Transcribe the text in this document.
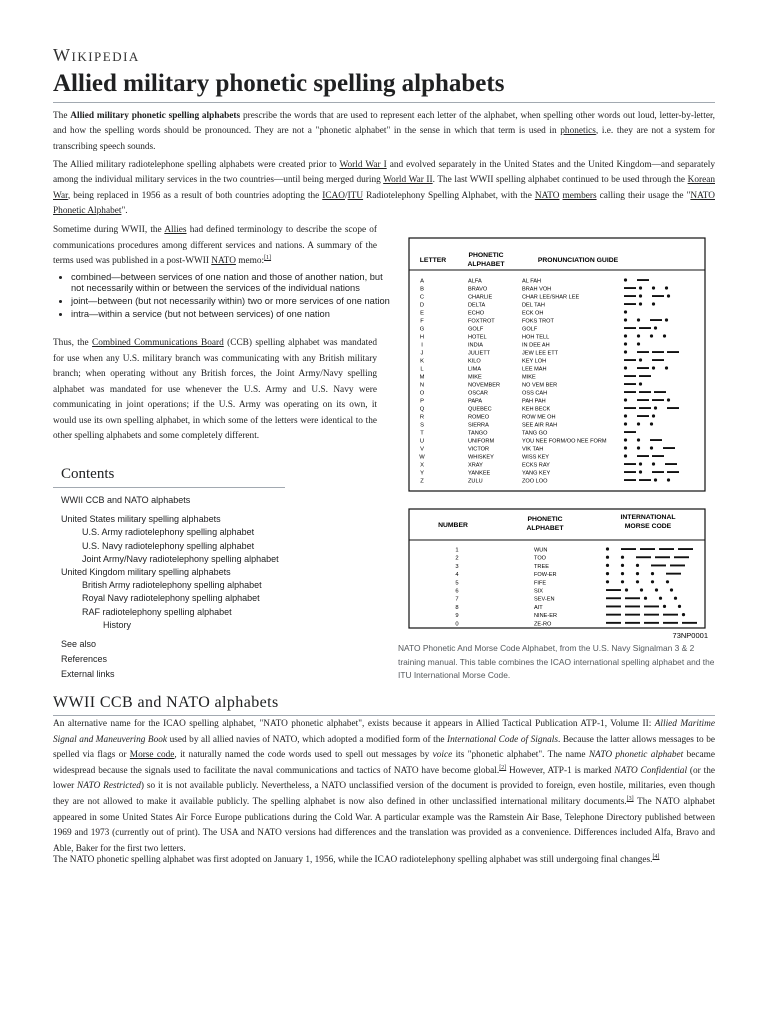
Wikipedia
Allied military phonetic spelling alphabets

The Allied military phonetic spelling alphabets prescribe the words that are used to represent each letter of the alphabet, when spelling other words out loud, letter-by-letter, and how the spelling words should be pronounced. They are not a "phonetic alphabet" in the sense in which that term is used in phonetics, i.e. they are not a system for transcribing speech sounds.

The Allied military radiotelephone spelling alphabets were created prior to World War I and evolved separately in the United States and the United Kingdom—and separately among the individual military services in the two countries—until being merged during World War II. The last WWII spelling alphabet continued to be used through the Korean War, being replaced in 1956 as a result of both countries adopting the ICAO/ITU Radiotelephony Spelling Alphabet, with the NATO members calling their usage the "NATO Phonetic Alphabet".

Sometime during WWII, the Allies had defined terminology to describe the scope of communications procedures among different services and nations. A summary of the terms used was published in a post-WWII NATO memo:[1]

• combined—between services of one nation and those of another nation, but not necessarily within or between the services of the individual nations
• joint—between (but not necessarily within) two or more services of one nation
• intra—within a service (but not between services) of one nation

Thus, the Combined Communications Board (CCB) spelling alphabet was mandated for use when any U.S. military branch was communicating with any British military branch; when operating without any British forces, the Joint Army/Navy spelling alphabet was mandated for use whenever the U.S. Army and U.S. Navy were communicating in joint operations; if the U.S. Army was operating on its own, it would use its own spelling alphabet, in which some of the letters were identical to the other spelling alphabets and some completely different.

Contents
WWII CCB and NATO alphabets
United States military spelling alphabets
U.S. Army radiotelephony spelling alphabet
U.S. Navy radiotelephony spelling alphabet
Joint Army/Navy radiotelephony spelling alphabet
United Kingdom military spelling alphabets
British Army radiotelephony spelling alphabet
Royal Navy radiotelephony spelling alphabet
RAF radiotelephony spelling alphabet
History
See also
References
External links
LETTER
PHONETIC
ALPHABET
PRONUNCIATION GUIDE
A	ALFA	AL FAH
B	BRAVO	BRAH VOH
C	CHARLIE	CHAR LEE/SHAR LEE
D	DELTA	DEL TAH
E	ECHO	ECK OH
F	FOXTROT	FOKS TROT
G	GOLF	GOLF
H	HOTEL	HOH TELL
I	INDIA	IN DEE AH
J	JULIETT	JEW LEE ETT
K	KILO	KEY LOH
L	LIMA	LEE MAH
M	MIKE	MIKE
N	NOVEMBER	NO VEM BER
O	OSCAR	OSS CAH
P	PAPA	PAH PAH
Q	QUEBEC	KEH BECK
R	ROMEO	ROW ME OH
S	SIERRA	SEE AIR RAH
T	TANGO	TANG GO
U	UNIFORM	YOU NEE FORM/OO NEE FORM
V	VICTOR	VIK TAH
W	WHISKEY	WISS KEY
X	XRAY	ECKS RAY
Y	YANKEE	YANG KEY
Z	ZULU	ZOO LOO
NUMBER
PHONETIC
ALPHABET
INTERNATIONAL
MORSE CODE
1	WUN
2	TOO
3	TREE
4	FOW-ER
5	FIFE
6	SIX
7	SEV-EN
8	AIT
9	NINE-ER
0	ZE-RO
73NP0001
NATO Phonetic And Morse Code Alphabet, from the U.S. Navy Signalman 3 & 2 training manual. This table combines the ICAO international spelling alphabet and the ITU International Morse Code.
WWII CCB and NATO alphabets

An alternative name for the ICAO spelling alphabet, "NATO phonetic alphabet", exists because it appears in Allied Tactical Publication ATP-1, Volume II: Allied Maritime Signal and Maneuvering Book used by all allied navies of NATO, which adopted a modified form of the International Code of Signals. Because the latter allows messages to be spelled via flags or Morse code, it naturally named the code words used to spell out messages by voice its "phonetic alphabet". The name NATO phonetic alphabet became widespread because the signals used to facilitate the naval communications and tactics of NATO have become global.[2] However, ATP-1 is marked NATO Confidential (or the lower NATO Restricted) so it is not available publicly. Nevertheless, a NATO unclassified version of the document is provided to foreign, even hostile, militaries, even though they are not allowed to make it available publicly. The spelling alphabet is now also defined in other unclassified international military documents.[3] The NATO alphabet appeared in some United States Air Force Europe publications during the Cold War. A particular example was the Ramstein Air Base, Telephone Directory published between 1969 and 1973 (currently out of print). The USA and NATO versions had differences and the translation was provided as a convenience. Differences included Alfa, Bravo and Able, Baker for the first two letters.

The NATO phonetic spelling alphabet was first adopted on January 1, 1956, while the ICAO radiotelephony spelling alphabet was still undergoing final changes.[4]
